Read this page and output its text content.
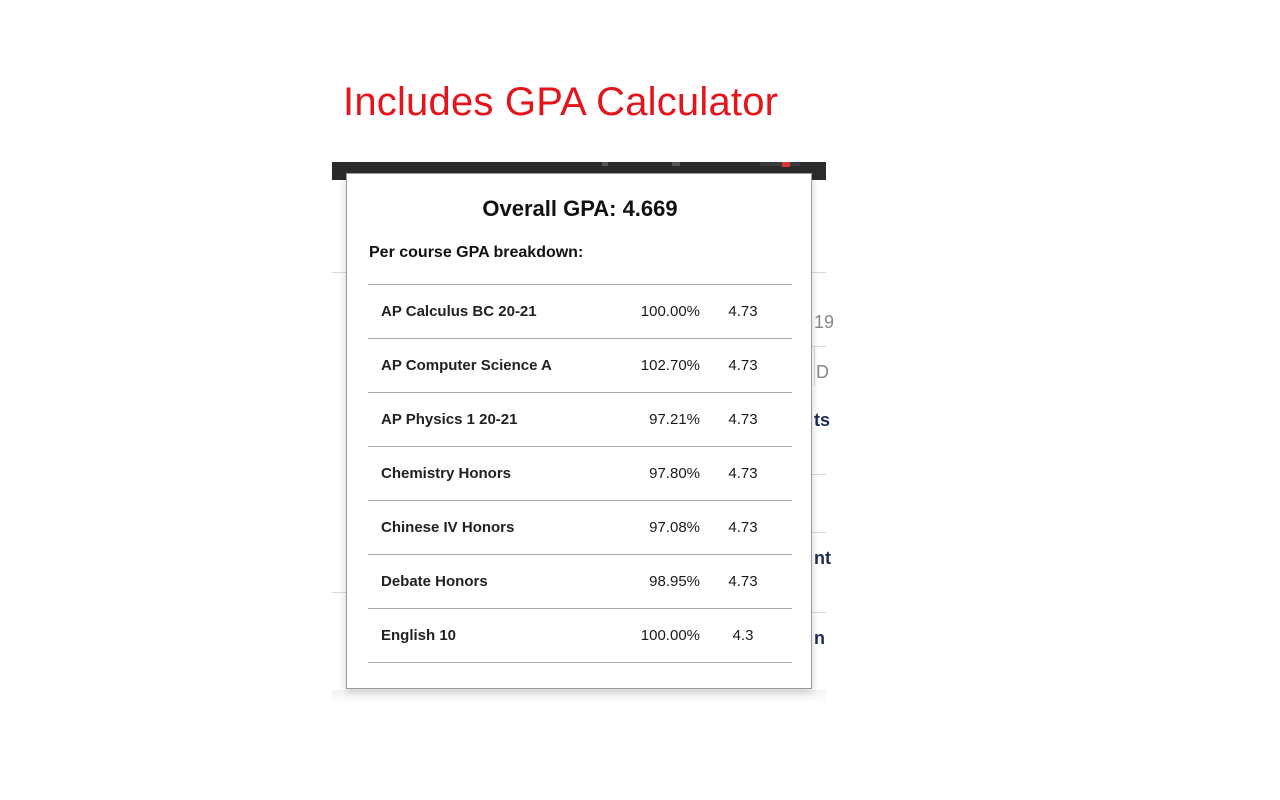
Includes GPA Calculator
19
D
ts
nt
n
Overall GPA: 4.669
Per course GPA breakdown:
AP Calculus BC 20-21	100.00%	4.73
AP Computer Science A	102.70%	4.73
AP Physics 1 20-21	97.21%	4.73
Chemistry Honors	97.80%	4.73
Chinese IV Honors	97.08%	4.73
Debate Honors	98.95%	4.73
English 10	100.00%	4.3
